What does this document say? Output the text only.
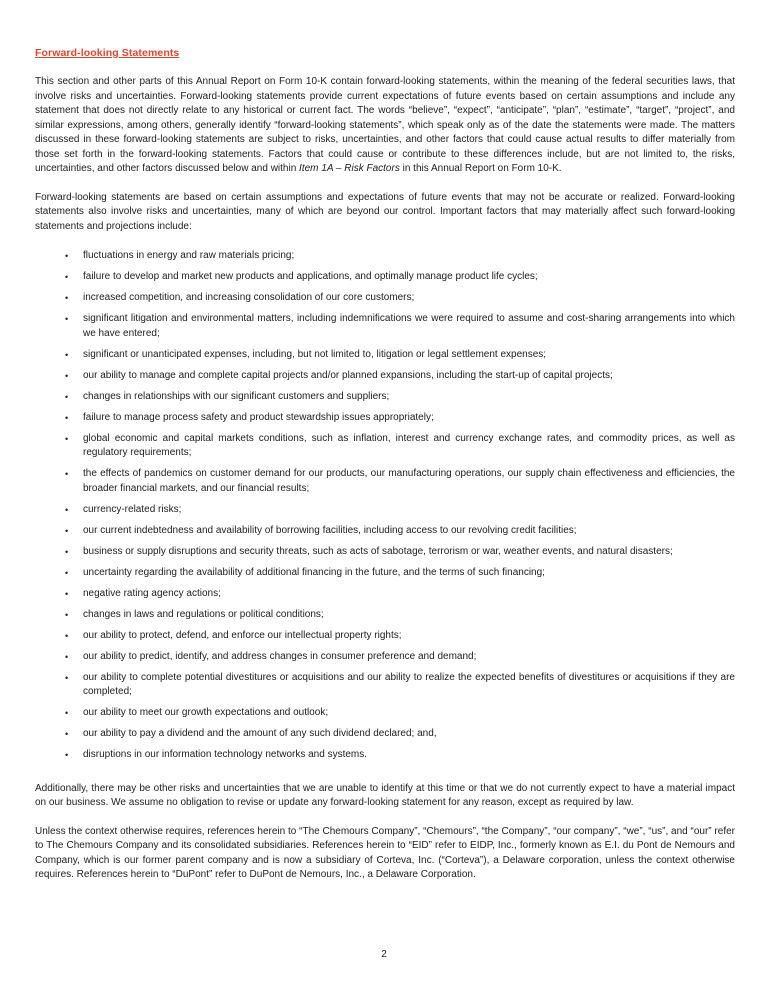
Forward-looking Statements

This section and other parts of this Annual Report on Form 10-K contain forward-looking statements, within the meaning of the federal securities laws, that involve risks and uncertainties. Forward-looking statements provide current expectations of future events based on certain assumptions and include any statement that does not directly relate to any historical or current fact. The words “believe”, “expect”, “anticipate”, “plan”, “estimate”, “target”, “project”, and similar expressions, among others, generally identify “forward-looking statements”, which speak only as of the date the statements were made. The matters discussed in these forward-looking statements are subject to risks, uncertainties, and other factors that could cause actual results to differ materially from those set forth in the forward-looking statements. Factors that could cause or contribute to these differences include, but are not limited to, the risks, uncertainties, and other factors discussed below and within Item 1A – Risk Factors in this Annual Report on Form 10-K.

Forward-looking statements are based on certain assumptions and expectations of future events that may not be accurate or realized. Forward-looking statements also involve risks and uncertainties, many of which are beyond our control. Important factors that may materially affect such forward-looking statements and projections include:

• fluctuations in energy and raw materials pricing;
• failure to develop and market new products and applications, and optimally manage product life cycles;
• increased competition, and increasing consolidation of our core customers;
• significant litigation and environmental matters, including indemnifications we were required to assume and cost-sharing arrangements into which we have entered;
• significant or unanticipated expenses, including, but not limited to, litigation or legal settlement expenses;
• our ability to manage and complete capital projects and/or planned expansions, including the start-up of capital projects;
• changes in relationships with our significant customers and suppliers;
• failure to manage process safety and product stewardship issues appropriately;
• global economic and capital markets conditions, such as inflation, interest and currency exchange rates, and commodity prices, as well as regulatory requirements;
• the effects of pandemics on customer demand for our products, our manufacturing operations, our supply chain effectiveness and efficiencies, the broader financial markets, and our financial results;
• currency-related risks;
• our current indebtedness and availability of borrowing facilities, including access to our revolving credit facilities;
• business or supply disruptions and security threats, such as acts of sabotage, terrorism or war, weather events, and natural disasters;
• uncertainty regarding the availability of additional financing in the future, and the terms of such financing;
• negative rating agency actions;
• changes in laws and regulations or political conditions;
• our ability to protect, defend, and enforce our intellectual property rights;
• our ability to predict, identify, and address changes in consumer preference and demand;
• our ability to complete potential divestitures or acquisitions and our ability to realize the expected benefits of divestitures or acquisitions if they are completed;
• our ability to meet our growth expectations and outlook;
• our ability to pay a dividend and the amount of any such dividend declared; and,
• disruptions in our information technology networks and systems.

Additionally, there may be other risks and uncertainties that we are unable to identify at this time or that we do not currently expect to have a material impact on our business. We assume no obligation to revise or update any forward-looking statement for any reason, except as required by law.

Unless the context otherwise requires, references herein to “The Chemours Company”, “Chemours”, “the Company”, “our company”, “we”, “us”, and “our” refer to The Chemours Company and its consolidated subsidiaries. References herein to “EID” refer to EIDP, Inc., formerly known as E.I. du Pont de Nemours and Company, which is our former parent company and is now a subsidiary of Corteva, Inc. (“Corteva”), a Delaware corporation, unless the context otherwise requires. References herein to “DuPont” refer to DuPont de Nemours, Inc., a Delaware Corporation.

2
